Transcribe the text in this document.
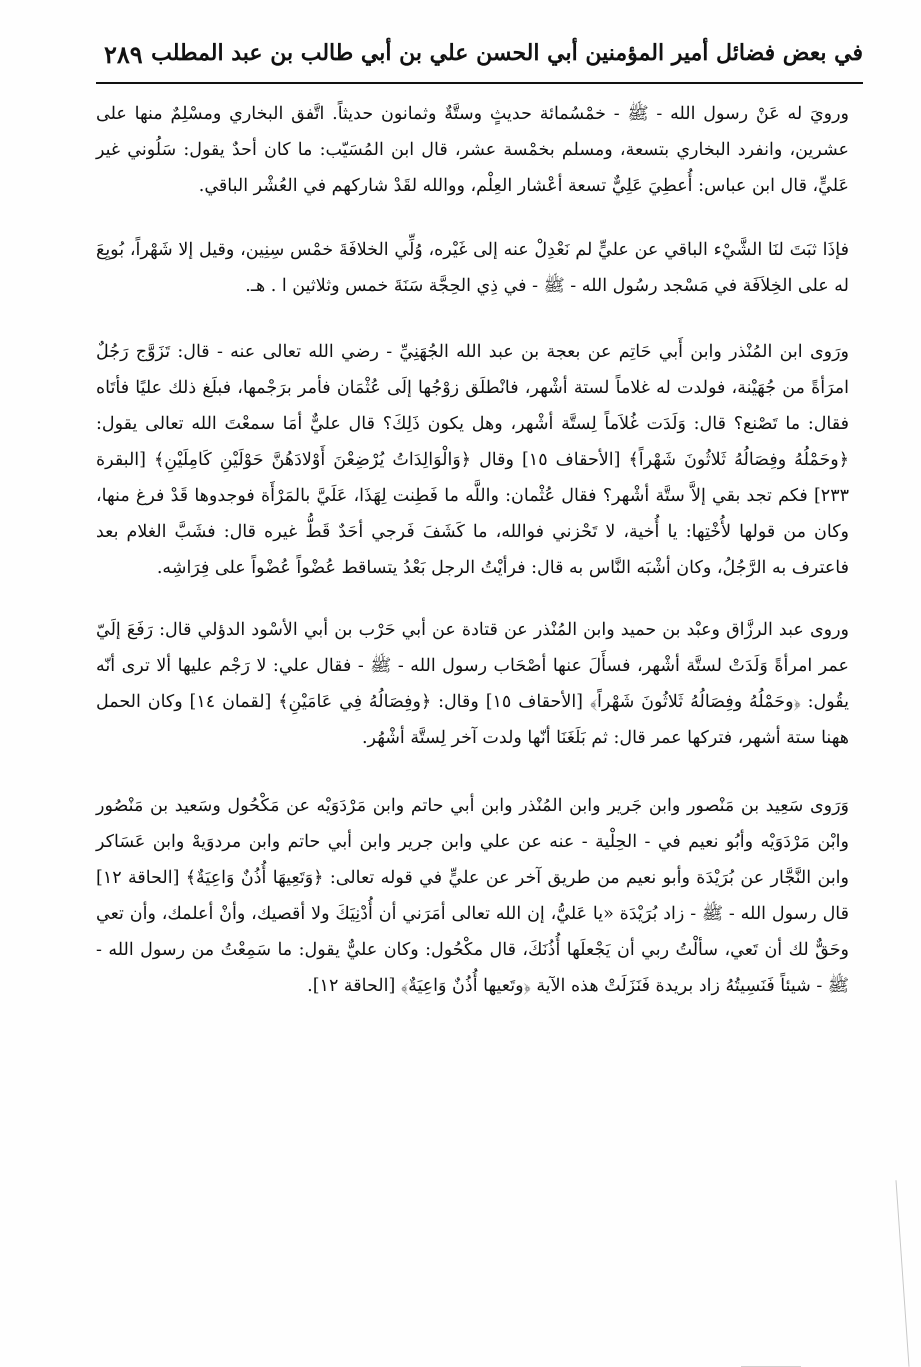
في بعض فضائل أمير المؤمنين أبي الحسن علي بن أبي طالب بن عبد المطلب
٢٨٩

ورويَ له عَنْ رسول الله - ﷺ - خمْسُمائة حديثٍ وستَّةٌ وثمانون حديثاً. اتَّفق البخاري ومسْلِمٌ منها على عشرين، وانفرد البخاري بتسعة، ومسلم بخمْسة عشر، قال ابن المُسَيّب: ما كان أحدٌ يقول: سَلُوني غير عَليٍّ، قال ابن عباس: أُعطِيَ عَلِيٌّ تسعة أعْشار العِلْم، ووالله لقَدْ شاركهم في العُشْر الباقي.

فإذَا ثبَتَ لنَا الشَّيْء الباقي عن عليٍّ لم نَعْدِلْ عنه إلى غَيْره، وُلِّي الخلافَةَ خمْس سِنِين، وقيل إلا شَهْراً، بُويِعَ له على الخِلاَفَة في مَسْجد رسُول الله - ﷺ - في ذِي الحِجَّة سَنَةَ خمس وثلاثين ا . هـ.

ورَوى ابن المُنْذر وابن أَبي حَاتِم عن بعجة بن عبد الله الجُهَنِيِّ - رضي الله تعالى عنه - قال: تَزَوَّج رَجُلٌ امرَأةً من جُهَيْنة، فولدت له غلاماً لستة أشْهر، فانْطلَق زوْجُها إلَى عُثْمَان فأمر برَجْمها، فبلَغ ذلك عليًا فأتَاه فقال: ما تَصْنع؟ قال: وَلَدَت غُلاَماً لِستَّة أشْهر، وهل يكون ذَلِكَ؟ قال عليٌّ أمَا سمعْتَ الله تعالى يقول: ﴿وحَمْلُهُ وفِصَالُهُ ثَلاثُونَ شَهْراً﴾ [الأحقاف ١٥] وقال ﴿وَالْوَالِدَاتُ يُرْضِعْنَ أَوْلادَهُنَّ حَوْلَيْنِ كَامِلَيْنِ﴾ [البقرة ٢٣٣] فكم تجد بقي إلاَّ ستَّة أشْهر؟ فقال عُثْمان: واللَّه ما فَطِنت لِهَذَا، عَلَيَّ بالمَرْأَة فوجدوها قَدْ فرغ منها، وكان من قولها لأُخْتِها: يا أُخية، لا تَحْزني فوالله، ما كَشَفَ فَرجي أحَدٌ قَطُّ غيره قال: فشَبَّ الغلام بعد فاعترف به الرَّجُلُ، وكان أشْبَه النَّاس به قال: فرأيْتُ الرجل بَعْدُ يتساقط عُضْواً عُضْواً على فِرَاشِه.

وروى عبد الرزَّاق وعبْد بن حميد وابن المُنْذر عن قتادة عن أبي حَرْب بن أبي الأسْود الدؤلي قال: رَفَعَ إلَيّ عمر امرأةً وَلَدَتْ لستَّة أشْهر، فسأَلَ عنها أصْحَاب رسول الله - ﷺ - فقال علي: لا رَجْم عليها ألا ترى أنّه يقُول: ﴿وحَمْلُهُ وفِصَالُهُ ثَلاثُونَ شَهْراً﴾ [الأحقاف ١٥] وقال: ﴿وفِصَالُهُ فِي عَامَيْنِ﴾ [لقمان ١٤] وكان الحمل ههنا ستة أشهر، فتركها عمر قال: ثم بَلَغَنَا أنّها ولدت آخر لِستَّة أشْهُر.

وَرَوى سَعِيد بن مَنْصور وابن جَرير وابن المُنْذر وابن أبي حاتم وابن مَرْدَوَيْه عن مَكْحُول وسَعيد بن مَنْصُور وابْن مَرْدَوَيْه وأبُو نعيم في - الحِلْية - عنه عن علي وابن جرير وابن أبي حاتم وابن مردوَيهْ وابن عَسَاكر وابن النَّجَّار عن بُرَيْدَة وأبو نعيم من طريق آخر عن عليٍّ في قوله تعالى: ﴿وَتَعِيهَا أُذُنٌ وَاعِيَةٌ﴾ [الحاقة ١٢] قال رسول الله - ﷺ - زاد بُرَيْدَة «يا عَليُّ، إن الله تعالى أمَرَني أن أُدْنِيَكَ ولا أقصيك، وأنْ أعلمك، وأن تعي وحَقٌّ لك أن تَعي، سألْتُ ربي أن يَجْعلَها أُذُنَكَ، قال مكْحُول: وكان عليٌّ يقول: ما سَمِعْتُ من رسول الله - ﷺ - شيئاً فَنَسِيتُهُ زاد بريدة فَنَزَلَتْ هذه الآية ﴿وتَعيها أُذُنٌ وَاعِيَةٌ﴾ [الحاقة ١٢].
